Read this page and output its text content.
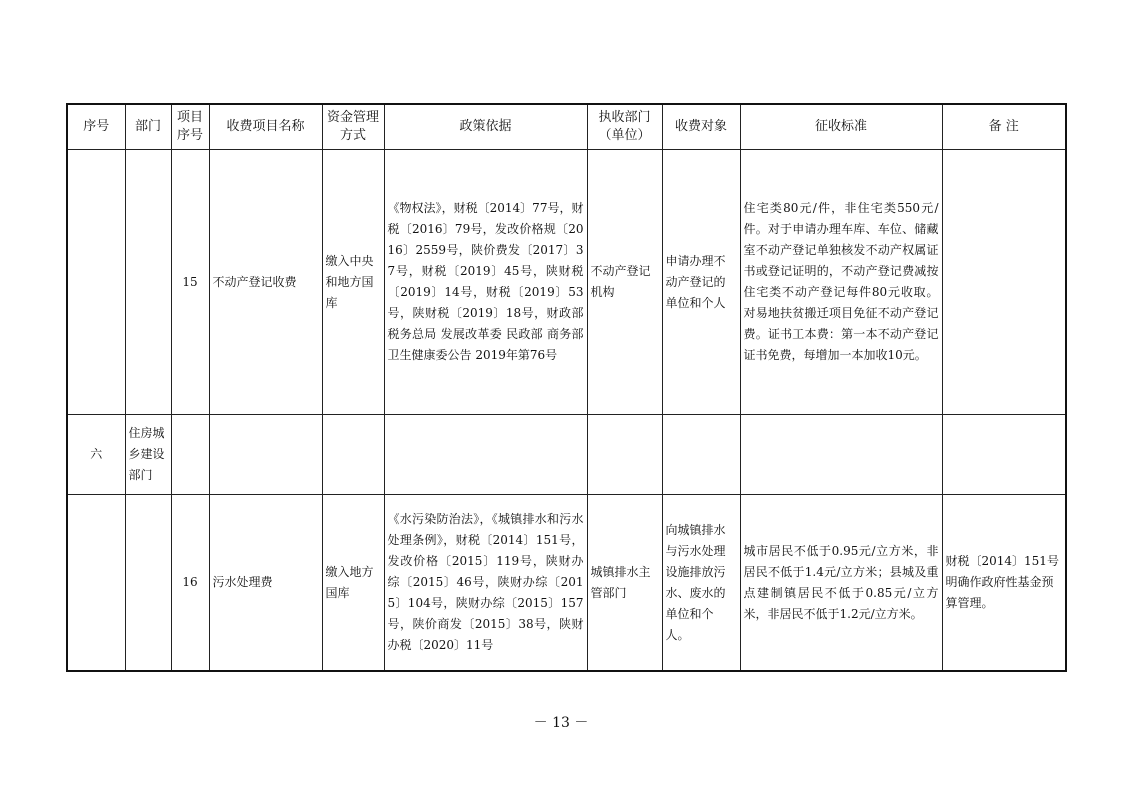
序号	部门	项目序号	收费项目名称	资金管理方式	政策依据	执收部门（单位）	收费对象	征收标准	备 注
		15	不动产登记收费	缴入中央和地方国库	《物权法》，财税〔2014〕77号，财税〔2016〕79号，发改价格规〔2016〕2559号，陕价费发〔2017〕37号，财税〔2019〕45号，陕财税〔2019〕14号，财税〔2019〕53号，陕财税〔2019〕18号，财政部 税务总局 发展改革委 民政部 商务部 卫生健康委公告 2019年第76号	不动产登记机构	申请办理不动产登记的单位和个人	住宅类80元/件，非住宅类550元/件。对于申请办理车库、车位、储藏室不动产登记单独核发不动产权属证书或登记证明的，不动产登记费减按住宅类不动产登记每件80元收取。对易地扶贫搬迁项目免征不动产登记费。证书工本费：第一本不动产登记证书免费，每增加一本加收10元。	
六	住房城乡建设部门								
		16	污水处理费	缴入地方国库	《水污染防治法》，《城镇排水和污水处理条例》，财税〔2014〕151号，发改价格〔2015〕119号，陕财办综〔2015〕46号，陕财办综〔2015〕104号，陕财办综〔2015〕157号，陕价商发〔2015〕38号，陕财办税〔2020〕11号	城镇排水主管部门	向城镇排水与污水处理设施排放污水、废水的单位和个人。	城市居民不低于0.95元/立方米，非居民不低于1.4元/立方米；县城及重点建制镇居民不低于0.85元/立方米，非居民不低于1.2元/立方米。	财税〔2014〕151号明确作政府性基金预算管理。
－ 13 －
